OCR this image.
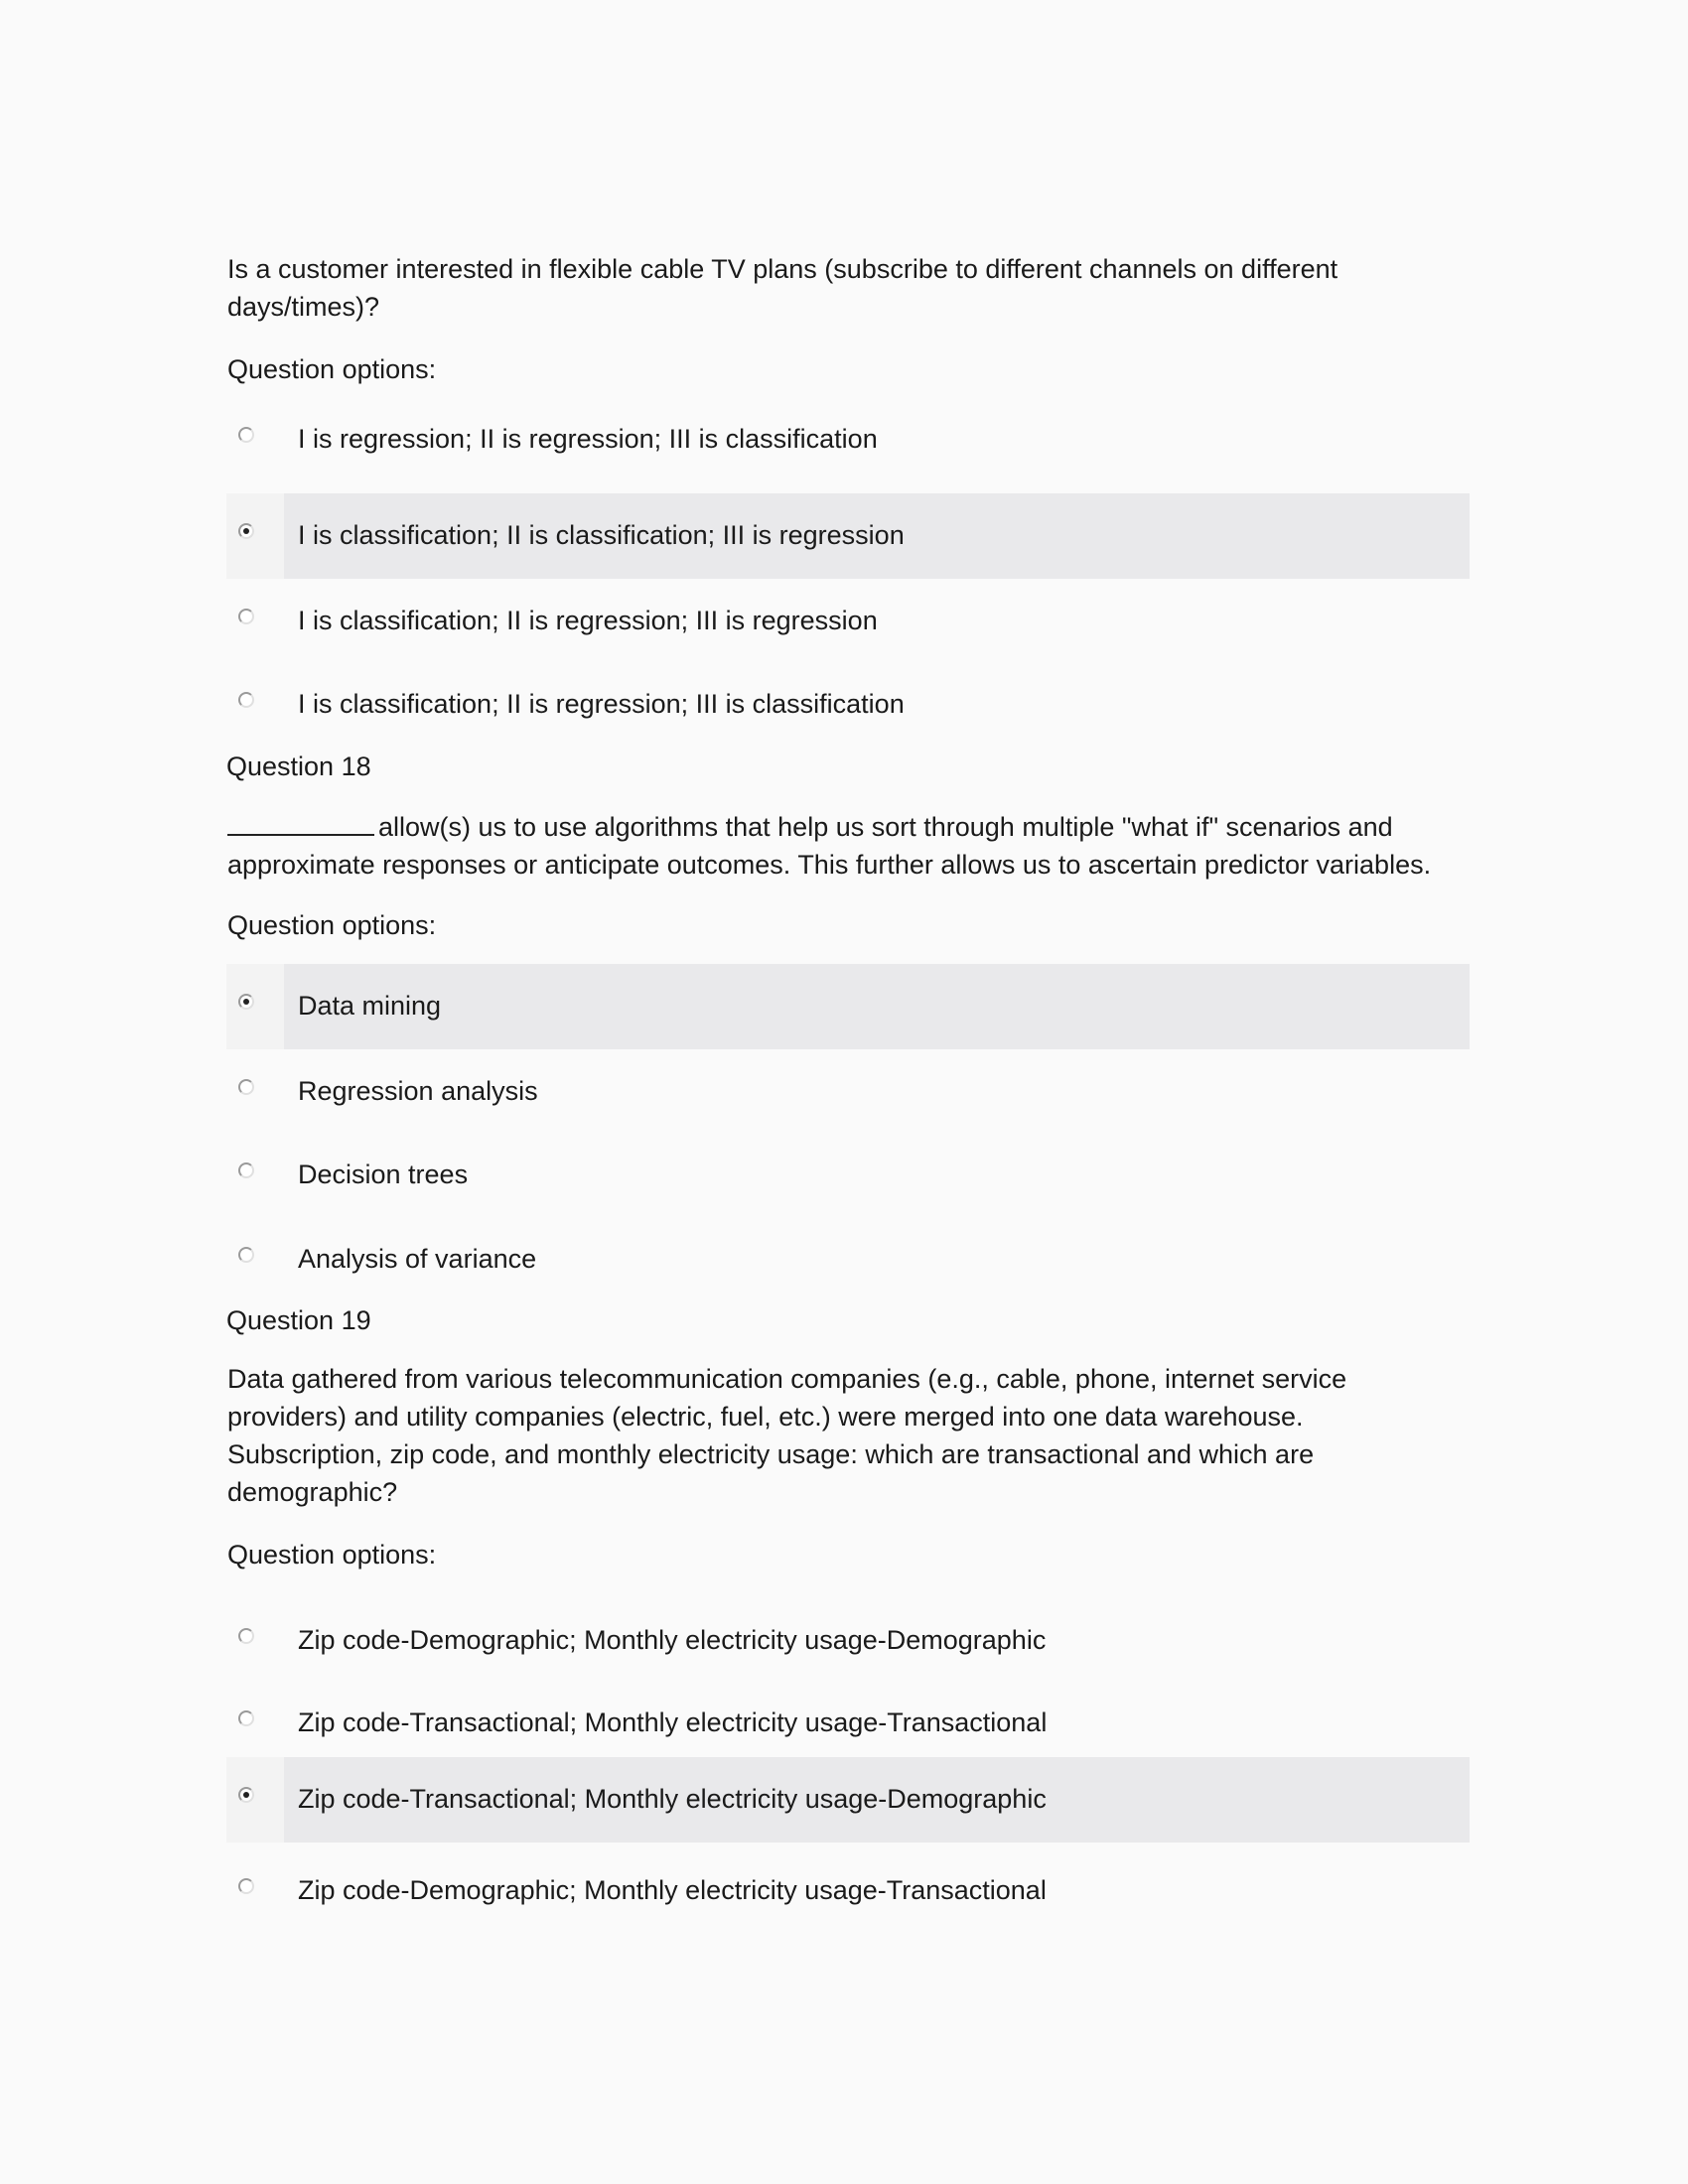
Is a customer interested in flexible cable TV plans (subscribe to different channels on different days/times)?

Question options:
I is regression; II is regression; III is classification
I is classification; II is classification; III is regression
I is classification; II is regression; III is regression
I is classification; II is regression; III is classification
Question 18

allow(s) us to use algorithms that help us sort through multiple "what if" scenarios and approximate responses or anticipate outcomes. This further allows us to ascertain predictor variables.

Question options:
Data mining
Regression analysis
Decision trees
Analysis of variance
Question 19

Data gathered from various telecommunication companies (e.g., cable, phone, internet service providers) and utility companies (electric, fuel, etc.) were merged into one data warehouse. Subscription, zip code, and monthly electricity usage: which are transactional and which are demographic?

Question options:
Zip code-Demographic; Monthly electricity usage-Demographic
Zip code-Transactional; Monthly electricity usage-Transactional
Zip code-Transactional; Monthly electricity usage-Demographic
Zip code-Demographic; Monthly electricity usage-Transactional
